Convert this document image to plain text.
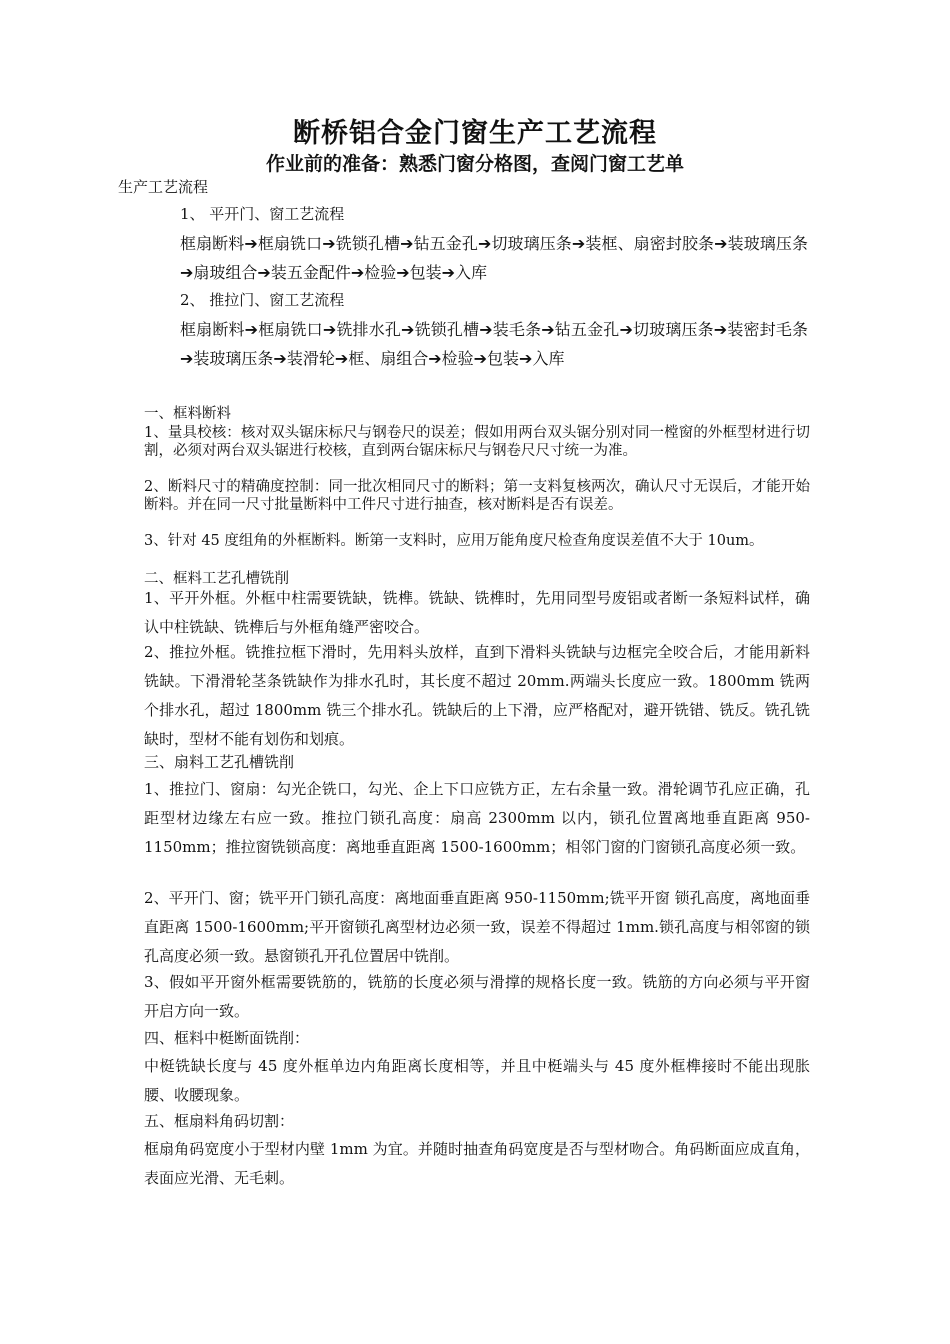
断桥铝合金门窗生产工艺流程
作业前的准备：熟悉门窗分格图，查阅门窗工艺单

生产工艺流程

1、 平开门、窗工艺流程

框扇断料➔框扇铣口➔铣锁孔槽➔钻五金孔➔切玻璃压条➔装框、扇密封胶条➔装玻璃压条➔扇玻组合➔装五金配件➔检验➔包装➔入库

2、 推拉门、窗工艺流程

框扇断料➔框扇铣口➔铣排水孔➔铣锁孔槽➔装毛条➔钻五金孔➔切玻璃压条➔装密封毛条➔装玻璃压条➔装滑轮➔框、扇组合➔检验➔包装➔入库

一、框料断料

1、量具校核：核对双头锯床标尺与钢卷尺的误差；假如用两台双头锯分别对同一樘窗的外框型材进行切割，必须对两台双头锯进行校核，直到两台锯床标尺与钢卷尺尺寸统一为准。

2、断料尺寸的精确度控制：同一批次相同尺寸的断料；第一支料复核两次，确认尺寸无误后，才能开始断料。并在同一尺寸批量断料中工件尺寸进行抽查，核对断料是否有误差。

3、针对 45 度组角的外框断料。断第一支料时，应用万能角度尺检查角度误差值不大于 10um。

二、框料工艺孔槽铣削

1、平开外框。外框中柱需要铣缺，铣榫。铣缺、铣榫时，先用同型号废铝或者断一条短料试样，确认中柱铣缺、铣榫后与外框角缝严密咬合。

2、推拉外框。铣推拉框下滑时，先用料头放样，直到下滑料头铣缺与边框完全咬合后，才能用新料铣缺。下滑滑轮茎条铣缺作为排水孔时，其长度不超过 20mm.两端头长度应一致。1800mm 铣两个排水孔，超过 1800mm 铣三个排水孔。铣缺后的上下滑，应严格配对，避开铣错、铣反。铣孔铣缺时，型材不能有划伤和划痕。

三、扇料工艺孔槽铣削

1、推拉门、窗扇：勾光企铣口，勾光、企上下口应铣方正，左右余量一致。滑轮调节孔应正确，孔距型材边缘左右应一致。推拉门锁孔高度：扇高 2300mm 以内，锁孔位置离地垂直距离 950-1150mm；推拉窗铣锁高度：离地垂直距离 1500-1600mm；相邻门窗的门窗锁孔高度必须一致。

2、平开门、窗；铣平开门锁孔高度：离地面垂直距离 950-1150mm;铣平开窗 锁孔高度，离地面垂直距离 1500-1600mm;平开窗锁孔离型材边必须一致，误差不得超过 1mm.锁孔高度与相邻窗的锁孔高度必须一致。悬窗锁孔开孔位置居中铣削。

3、假如平开窗外框需要铣筋的，铣筋的长度必须与滑撑的规格长度一致。铣筋的方向必须与平开窗开启方向一致。

四、框料中梃断面铣削：

中梃铣缺长度与 45 度外框单边内角距离长度相等，并且中梃端头与 45 度外框榫接时不能出现胀腰、收腰现象。

五、框扇料角码切割：

框扇角码宽度小于型材内壁 1mm 为宜。并随时抽查角码宽度是否与型材吻合。角码断面应成直角，表面应光滑、无毛刺。
